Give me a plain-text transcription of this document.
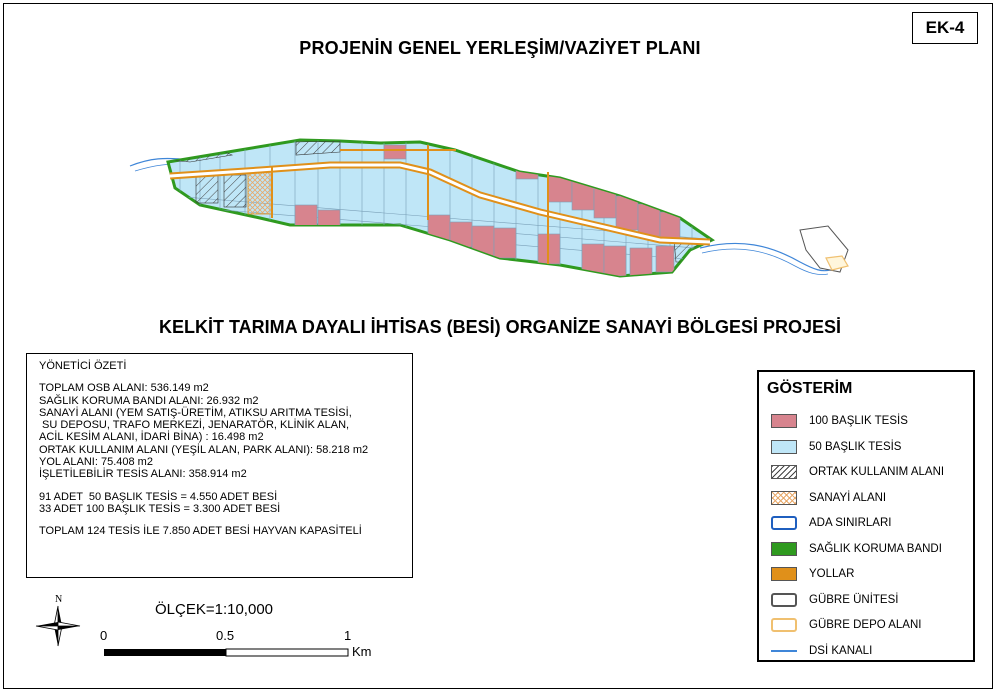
EK-4
PROJENİN GENEL YERLEŞİM/VAZİYET PLANI
KELKİT TARIMA DAYALI İHTİSAS (BESİ) ORGANİZE SANAYİ BÖLGESİ PROJESİ
N
YÖNETİCİ ÖZETİ
TOPLAM OSB ALANI: 536.149 m2
SAĞLIK KORUMA BANDI ALANI: 26.932 m2
SANAYİ ALANI (YEM SATIŞ-ÜRETİM, ATIKSU ARITMA TESİSİ,
SU DEPOSU, TRAFO MERKEZİ, JENARATÖR, KLİNİK ALAN,
ACİL KESİM ALANI, İDARİ BİNA) : 16.498 m2
ORTAK KULLANIM ALANI (YEŞİL ALAN, PARK ALANI): 58.218 m2
YOL ALANI: 75.408 m2
İŞLETİLEBİLİR TESİS ALANI: 358.914 m2
91 ADET  50 BAŞLIK TESİS = 4.550 ADET BESİ
33 ADET 100 BAŞLIK TESİS = 3.300 ADET BESİ
TOPLAM 124 TESİS İLE 7.850 ADET BESİ HAYVAN KAPASİTELİ
ÖLÇEK=1:10,000
0	0.5	1
Km
GÖSTERİM
100 BAŞLIK TESİS
50 BAŞLIK TESİS
ORTAK KULLANIM ALANI
SANAYİ ALANI
ADA SINIRLARI
SAĞLIK KORUMA BANDI
YOLLAR
GÜBRE ÜNİTESİ
GÜBRE DEPO ALANI
DSİ KANALI
